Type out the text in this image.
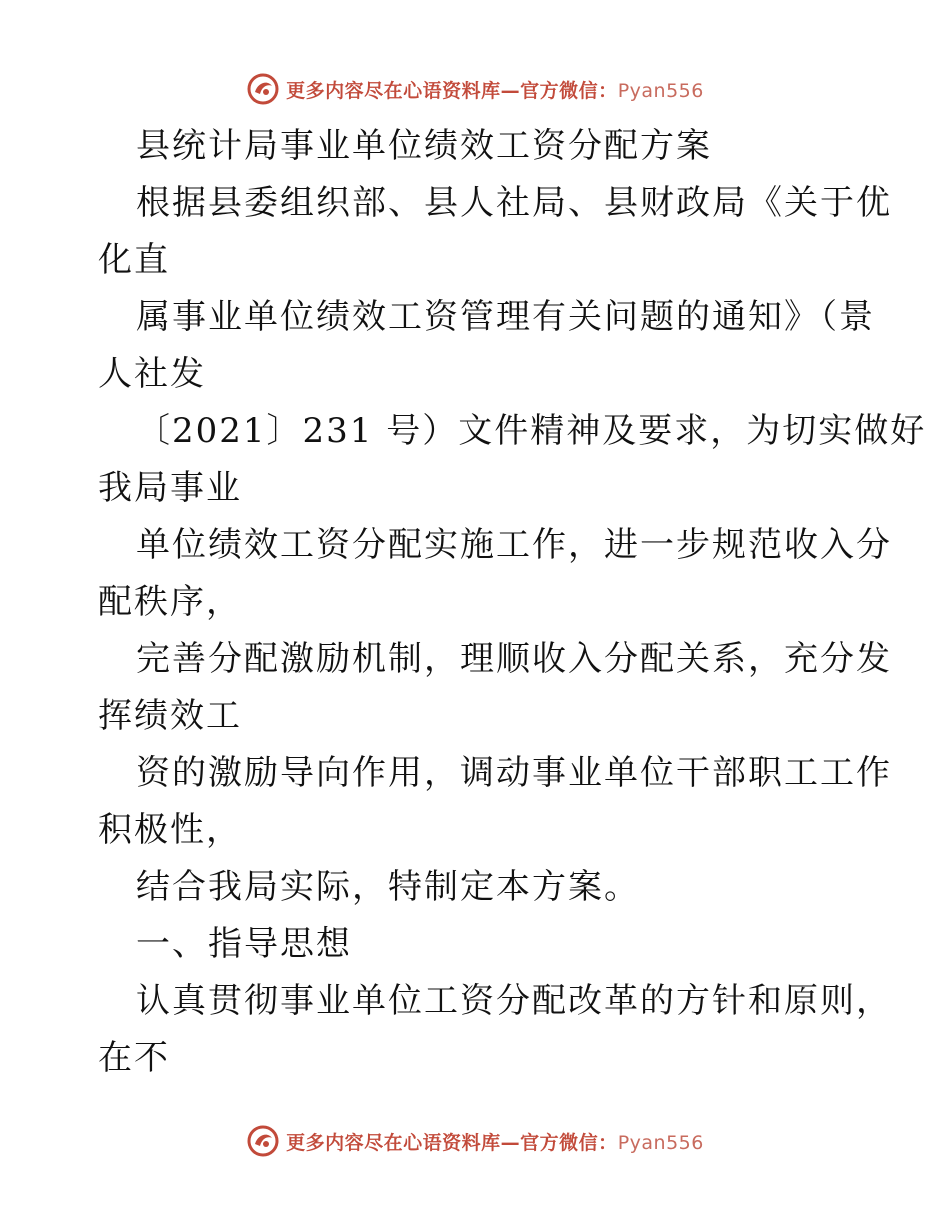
更多内容尽在心语资料库—官方微信：Pyan556
县统计局事业单位绩效工资分配方案
根据县委组织部、县人社局、县财政局《关于优
化直
属事业单位绩效工资管理有关问题的通知》（景
人社发
〔2021〕231 号）文件精神及要求，为切实做好
我局事业
单位绩效工资分配实施工作，进一步规范收入分
配秩序，
完善分配激励机制，理顺收入分配关系，充分发
挥绩效工
资的激励导向作用，调动事业单位干部职工工作
积极性，
结合我局实际，特制定本方案。
一、指导思想
认真贯彻事业单位工资分配改革的方针和原则，
在不
更多内容尽在心语资料库—官方微信：Pyan556
